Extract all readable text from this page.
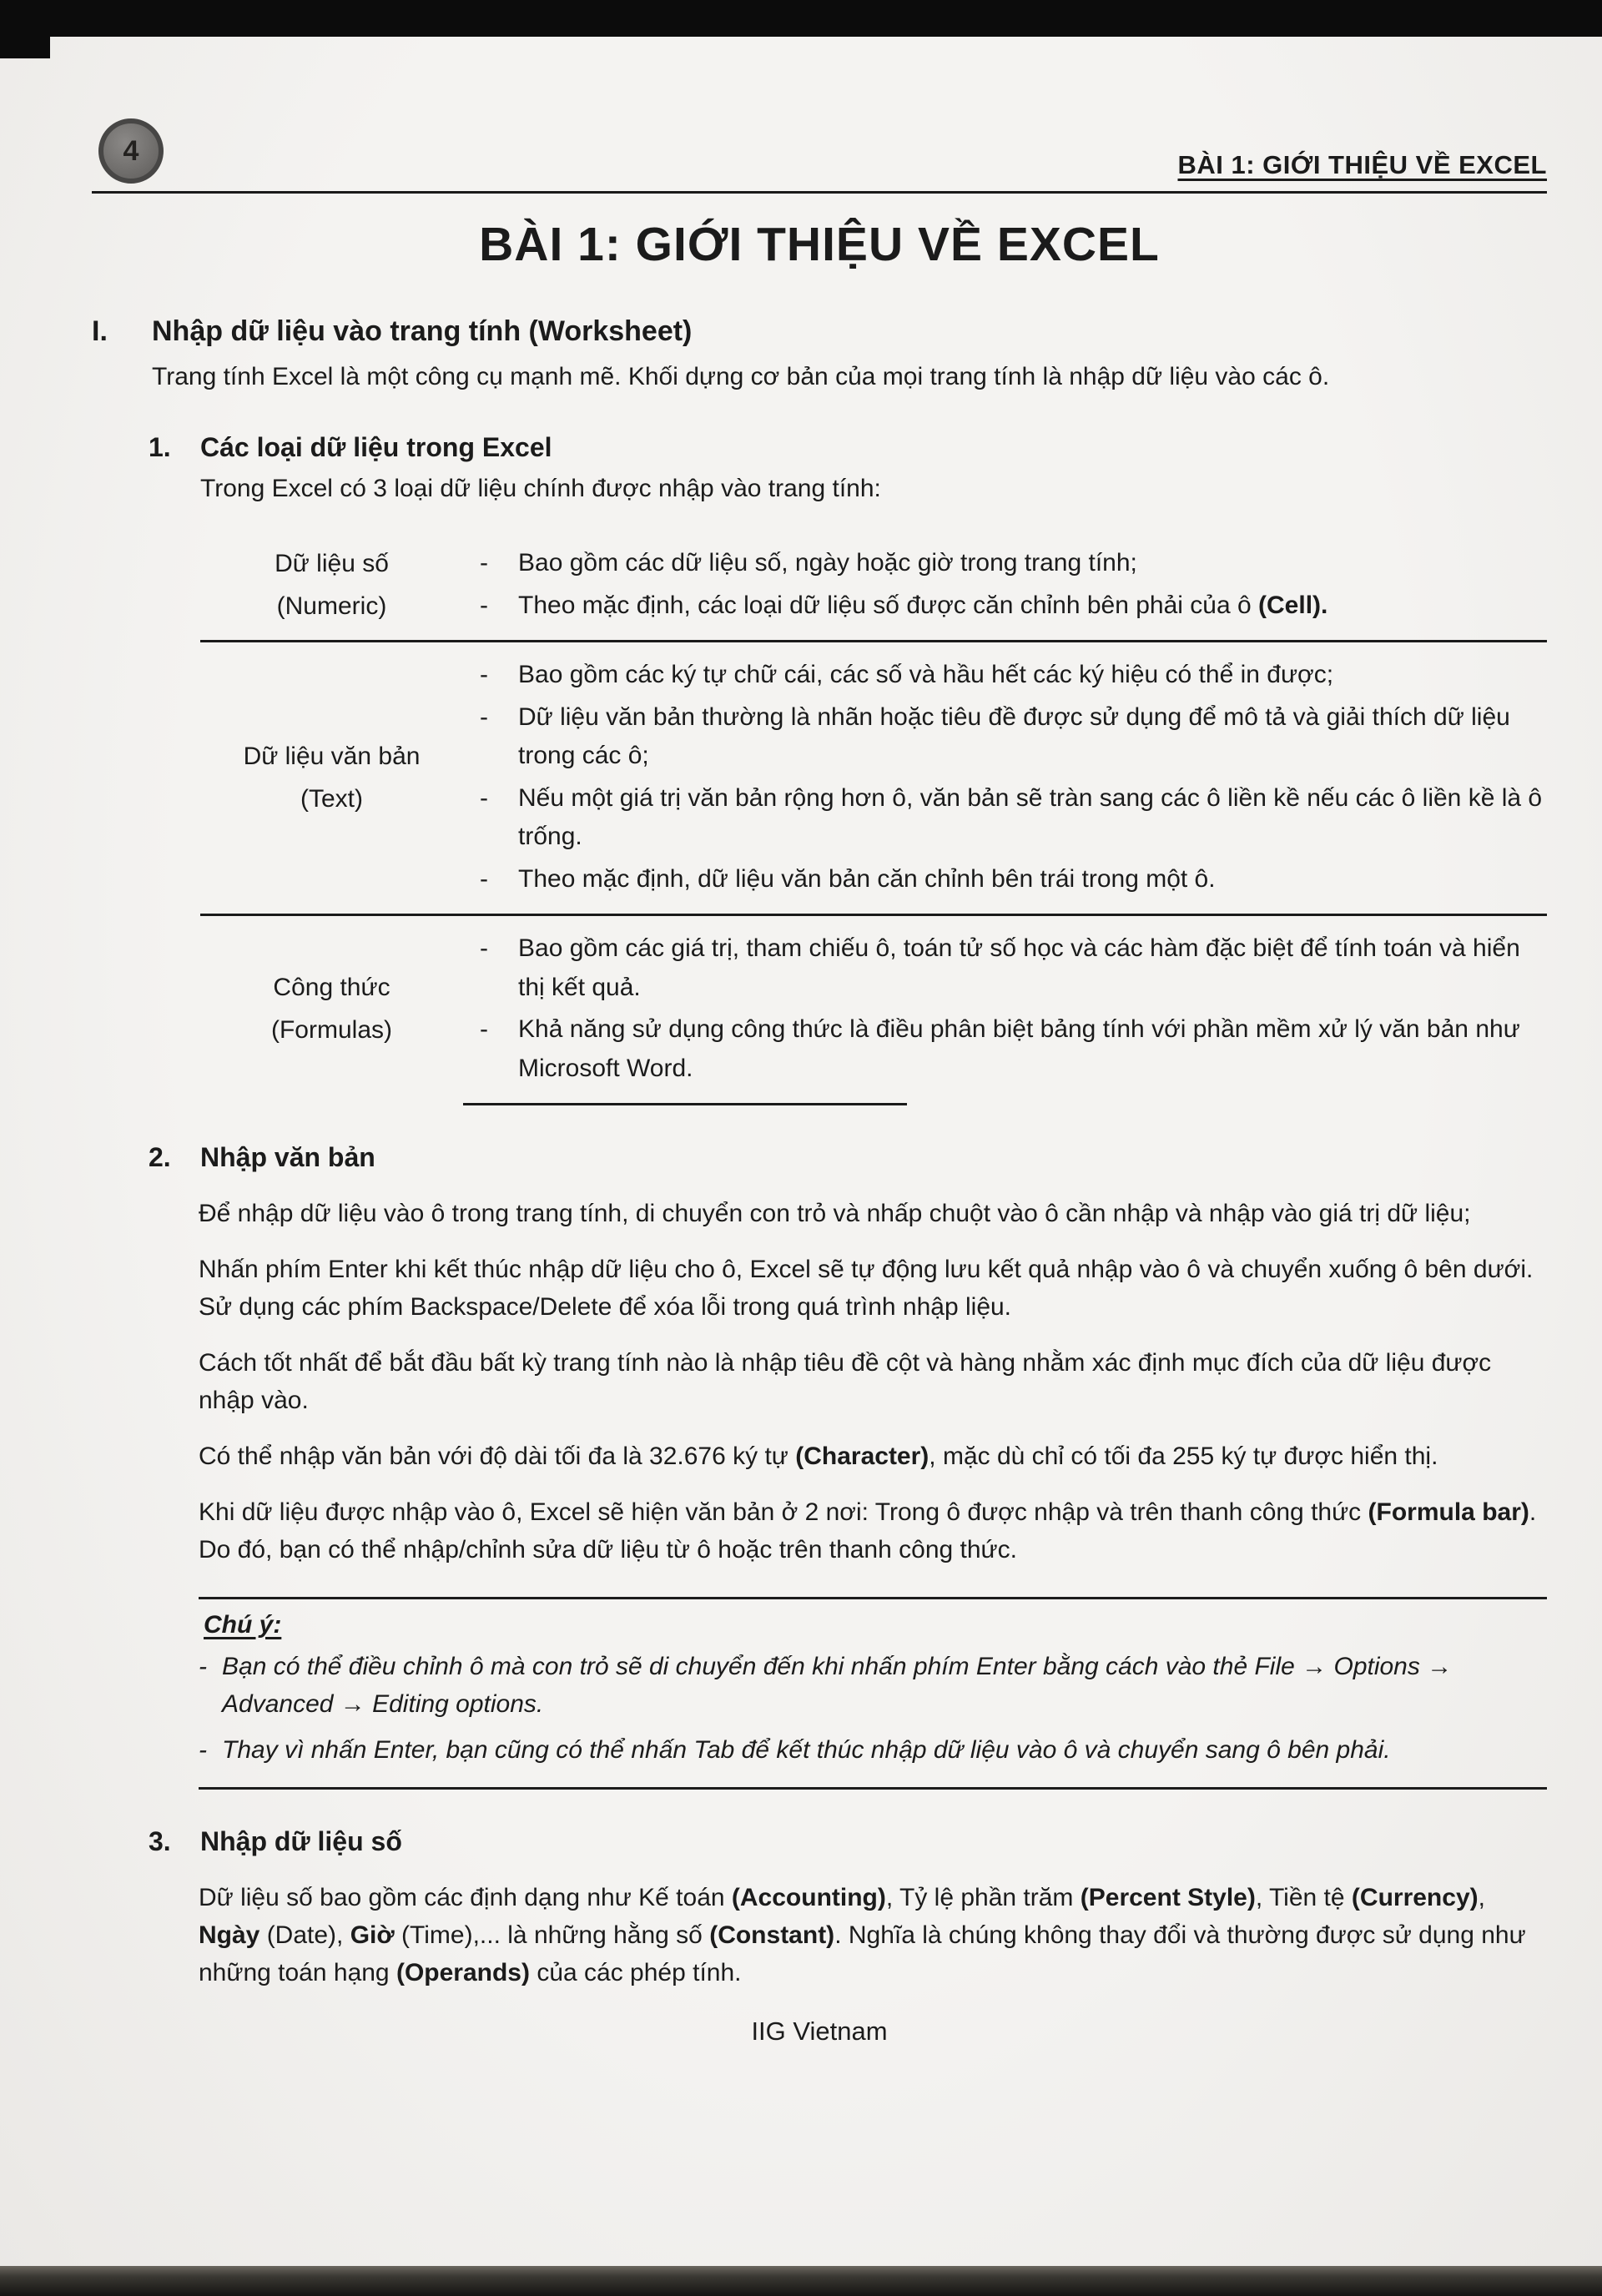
4	BÀI 1: GIỚI THIỆU VỀ EXCEL
BÀI 1: GIỚI THIỆU VỀ EXCEL
I.	Nhập dữ liệu vào trang tính (Worksheet)

Trang tính Excel là một công cụ mạnh mẽ. Khối dựng cơ bản của mọi trang tính là nhập dữ liệu vào các ô.

1.	Các loại dữ liệu trong Excel

Trong Excel có 3 loại dữ liệu chính được nhập vào trang tính:

Dữ liệu số
(Numeric)
-	Bao gồm các dữ liệu số, ngày hoặc giờ trong trang tính;
-	Theo mặc định, các loại dữ liệu số được căn chỉnh bên phải của ô (Cell).
Dữ liệu văn bản
(Text)
-	Bao gồm các ký tự chữ cái, các số và hầu hết các ký hiệu có thể in được;
-	Dữ liệu văn bản thường là nhãn hoặc tiêu đề được sử dụng để mô tả và giải thích dữ liệu trong các ô;
-	Nếu một giá trị văn bản rộng hơn ô, văn bản sẽ tràn sang các ô liền kề nếu các ô liền kề là ô trống.
-	Theo mặc định, dữ liệu văn bản căn chỉnh bên trái trong một ô.
Công thức
(Formulas)
-	Bao gồm các giá trị, tham chiếu ô, toán tử số học và các hàm đặc biệt để tính toán và hiển thị kết quả.
-	Khả năng sử dụng công thức là điều phân biệt bảng tính với phần mềm xử lý văn bản như Microsoft Word.
2.	Nhập văn bản

Để nhập dữ liệu vào ô trong trang tính, di chuyển con trỏ và nhấp chuột vào ô cần nhập và nhập vào giá trị dữ liệu;

Nhấn phím Enter khi kết thúc nhập dữ liệu cho ô, Excel sẽ tự động lưu kết quả nhập vào ô và chuyển xuống ô bên dưới. Sử dụng các phím Backspace/Delete để xóa lỗi trong quá trình nhập liệu.

Cách tốt nhất để bắt đầu bất kỳ trang tính nào là nhập tiêu đề cột và hàng nhằm xác định mục đích của dữ liệu được nhập vào.

Có thể nhập văn bản với độ dài tối đa là 32.676 ký tự (Character), mặc dù chỉ có tối đa 255 ký tự được hiển thị.

Khi dữ liệu được nhập vào ô, Excel sẽ hiện văn bản ở 2 nơi: Trong ô được nhập và trên thanh công thức (Formula bar). Do đó, bạn có thể nhập/chỉnh sửa dữ liệu từ ô hoặc trên thanh công thức.

Chú ý:
- Bạn có thể điều chỉnh ô mà con trỏ sẽ di chuyển đến khi nhấn phím Enter bằng cách vào thẻ File → Options → Advanced → Editing options.
- Thay vì nhấn Enter, bạn cũng có thể nhấn Tab để kết thúc nhập dữ liệu vào ô và chuyển sang ô bên phải.
3.	Nhập dữ liệu số

Dữ liệu số bao gồm các định dạng như Kế toán (Accounting), Tỷ lệ phần trăm (Percent Style), Tiền tệ (Currency), Ngày (Date), Giờ (Time),... là những hằng số (Constant). Nghĩa là chúng không thay đổi và thường được sử dụng như những toán hạng (Operands) của các phép tính.

IIG Vietnam
